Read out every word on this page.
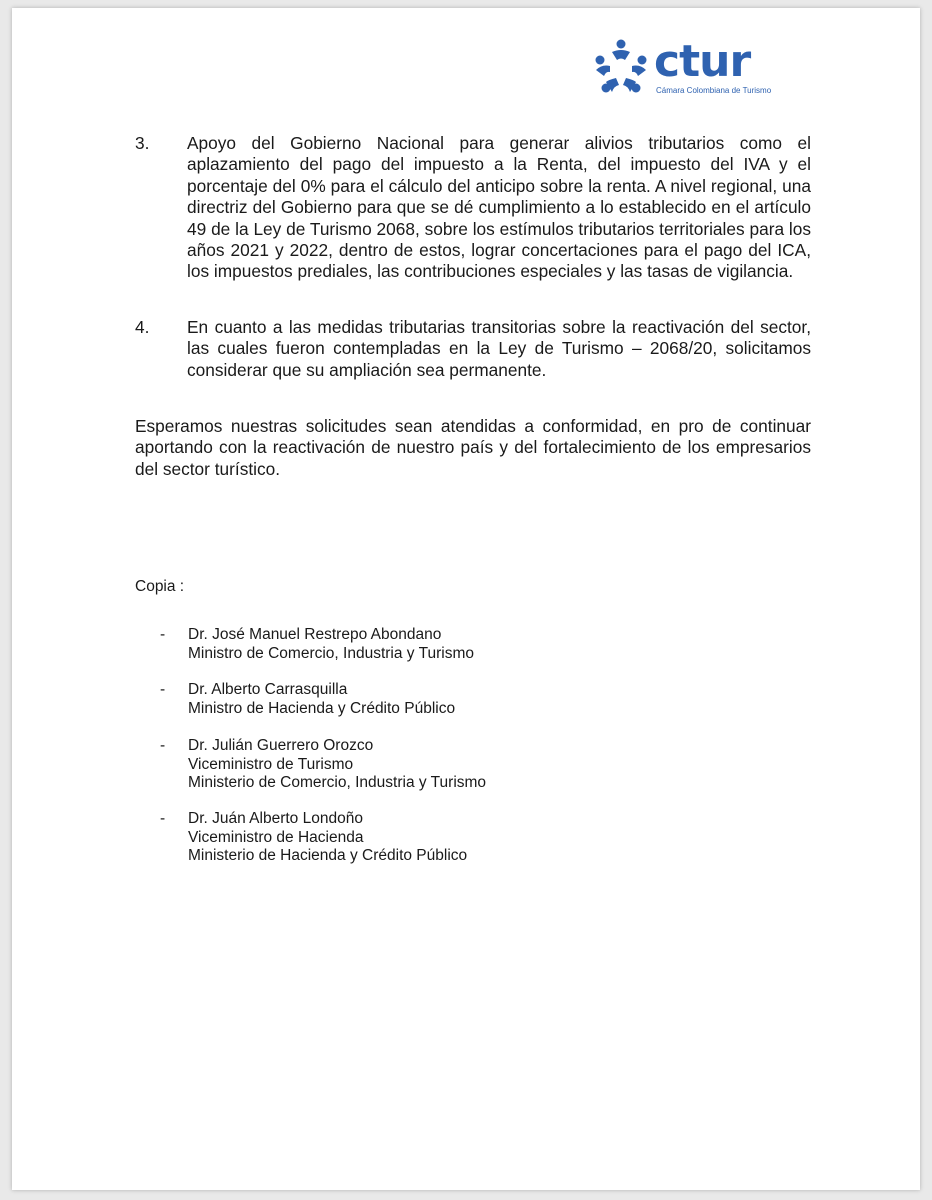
ctur
Cámara Colombiana de Turismo
3. Apoyo del Gobierno Nacional para generar alivios tributarios como el aplazamiento del pago del impuesto a la Renta, del impuesto del IVA y el porcentaje del 0% para el cálculo del anticipo sobre la renta. A nivel regional, una directriz del Gobierno para que se dé cumplimiento a lo establecido en el artículo 49 de la Ley de Turismo 2068, sobre los estímulos tributarios territoriales para los años 2021 y 2022, dentro de estos, lograr concertaciones para el pago del ICA, los impuestos prediales, las contribuciones especiales y las tasas de vigilancia.
4. En cuanto a las medidas tributarias transitorias sobre la reactivación del sector, las cuales fueron contempladas en la Ley de Turismo – 2068/20, solicitamos considerar que su ampliación sea permanente.
Esperamos nuestras solicitudes sean atendidas a conformidad, en pro de continuar aportando con la reactivación de nuestro país y del fortalecimiento de los empresarios del sector turístico.
Copia :
- Dr. José Manuel Restrepo Abondano
Ministro de Comercio, Industria y Turismo
- Dr. Alberto Carrasquilla
Ministro de Hacienda y Crédito Público
- Dr. Julián Guerrero Orozco
Viceministro de Turismo
Ministerio de Comercio, Industria y Turismo
- Dr. Juán Alberto Londoño
Viceministro de Hacienda
Ministerio de Hacienda y Crédito Público
